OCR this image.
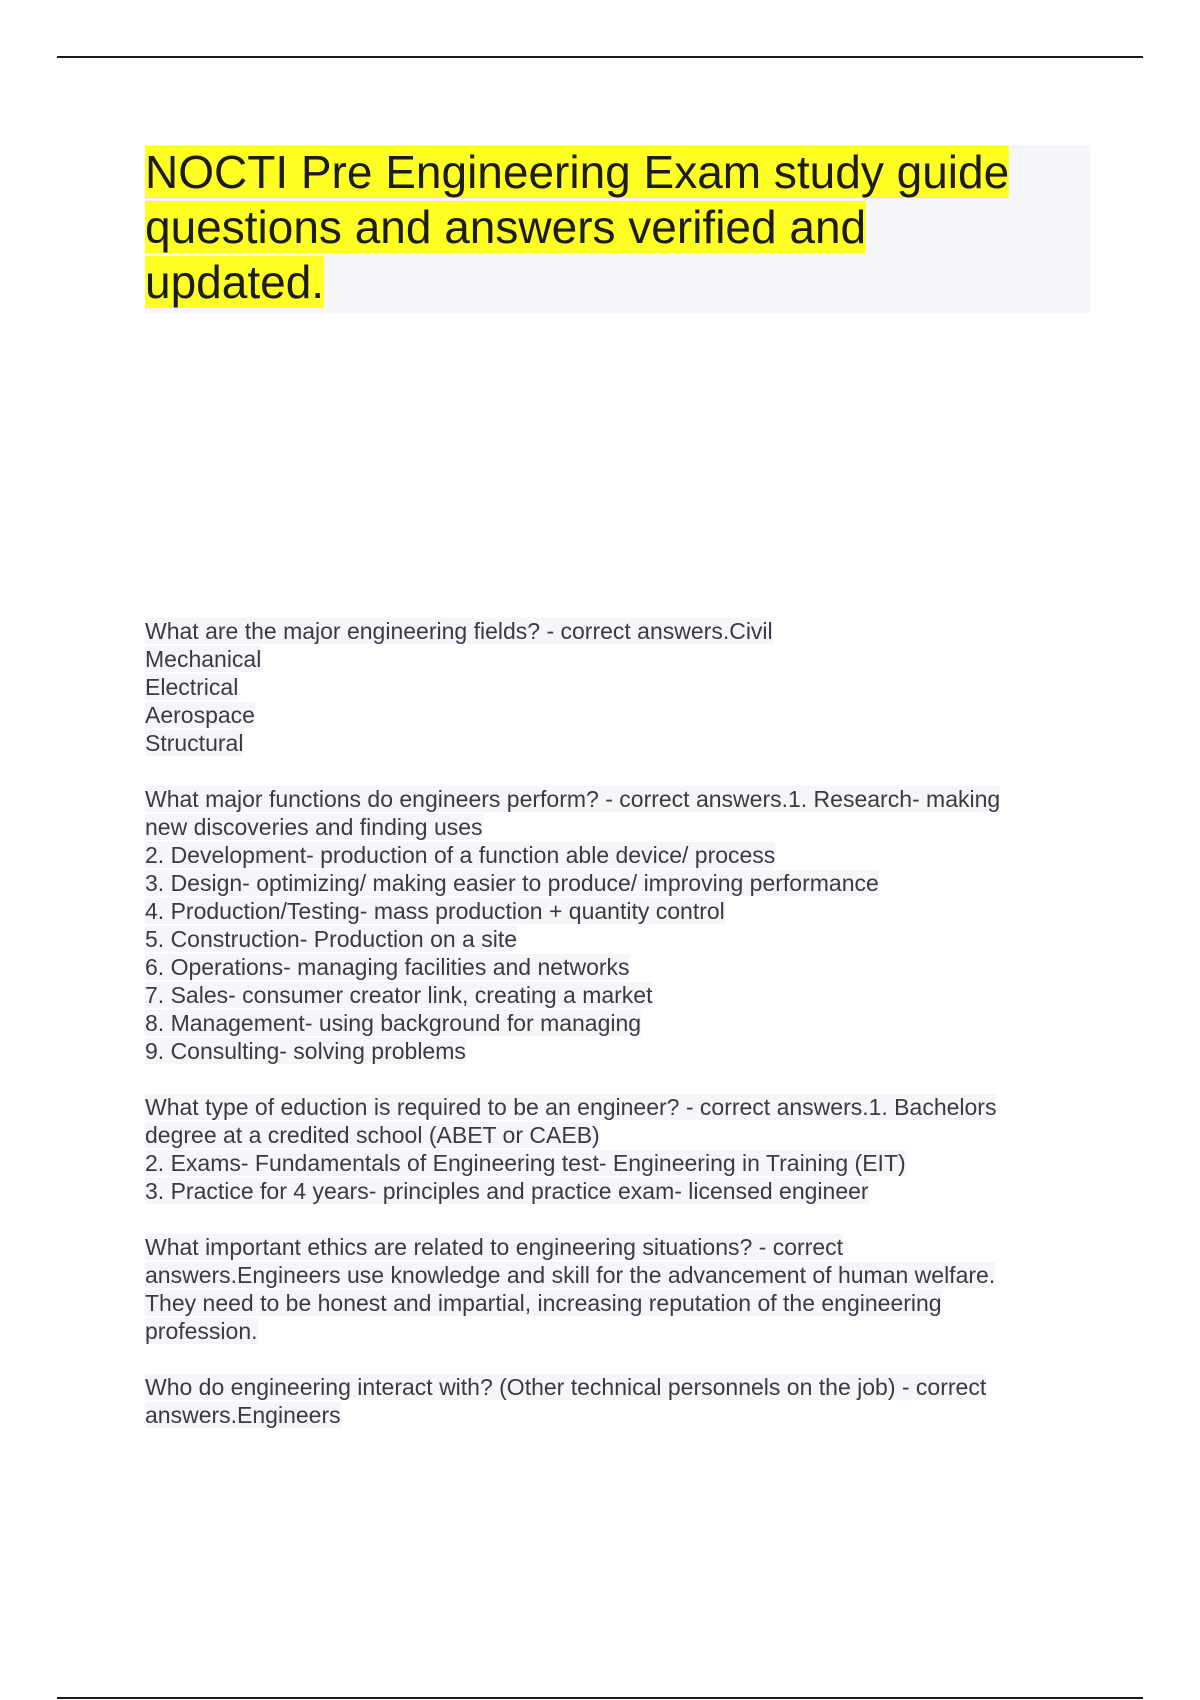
NOCTI Pre Engineering Exam study guide
questions and answers verified and
updated.

What are the major engineering fields? - correct answers.Civil
Mechanical
Electrical
Aerospace
Structural

What major functions do engineers perform? - correct answers.1. Research- making
new discoveries and finding uses
2. Development- production of a function able device/ process
3. Design- optimizing/ making easier to produce/ improving performance
4. Production/Testing- mass production + quantity control
5. Construction- Production on a site
6. Operations- managing facilities and networks
7. Sales- consumer creator link, creating a market
8. Management- using background for managing
9. Consulting- solving problems

What type of eduction is required to be an engineer? - correct answers.1. Bachelors
degree at a credited school (ABET or CAEB)
2. Exams- Fundamentals of Engineering test- Engineering in Training (EIT)
3. Practice for 4 years- principles and practice exam- licensed engineer

What important ethics are related to engineering situations? - correct
answers.Engineers use knowledge and skill for the advancement of human welfare.
They need to be honest and impartial, increasing reputation of the engineering
profession.

Who do engineering interact with? (Other technical personnels on the job) - correct
answers.Engineers
